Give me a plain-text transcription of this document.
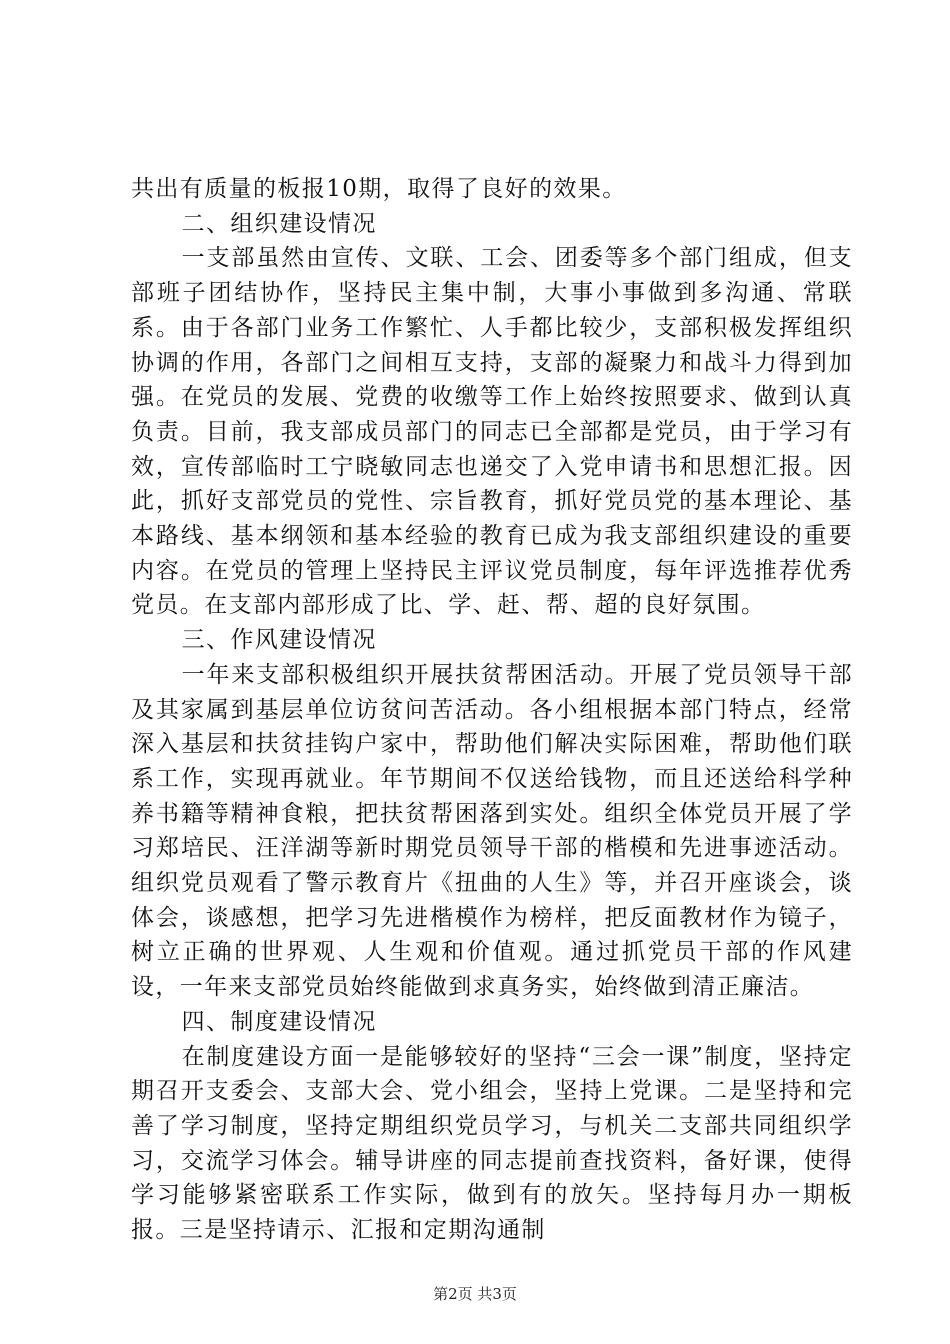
共出有质量的板报10期，取得了良好的效果。

二、组织建设情况

一支部虽然由宣传、文联、工会、团委等多个部门组成，但支部班子团结协作，坚持民主集中制，大事小事做到多沟通、常联系。由于各部门业务工作繁忙、人手都比较少，支部积极发挥组织协调的作用，各部门之间相互支持，支部的凝聚力和战斗力得到加强。在党员的发展、党费的收缴等工作上始终按照要求、做到认真负责。目前，我支部成员部门的同志已全部都是党员，由于学习有效，宣传部临时工宁晓敏同志也递交了入党申请书和思想汇报。因此，抓好支部党员的党性、宗旨教育，抓好党员党的基本理论、基本路线、基本纲领和基本经验的教育已成为我支部组织建设的重要内容。在党员的管理上坚持民主评议党员制度，每年评选推荐优秀党员。在支部内部形成了比、学、赶、帮、超的良好氛围。

三、作风建设情况

一年来支部积极组织开展扶贫帮困活动。开展了党员领导干部及其家属到基层单位访贫问苦活动。各小组根据本部门特点，经常深入基层和扶贫挂钩户家中，帮助他们解决实际困难，帮助他们联系工作，实现再就业。年节期间不仅送给钱物，而且还送给科学种养书籍等精神食粮，把扶贫帮困落到实处。组织全体党员开展了学习郑培民、汪洋湖等新时期党员领导干部的楷模和先进事迹活动。组织党员观看了警示教育片《扭曲的人生》等，并召开座谈会，谈体会，谈感想，把学习先进楷模作为榜样，把反面教材作为镜子，树立正确的世界观、人生观和价值观。通过抓党员干部的作风建设，一年来支部党员始终能做到求真务实，始终做到清正廉洁。

四、制度建设情况

在制度建设方面一是能够较好的坚持“三会一课”制度，坚持定期召开支委会、支部大会、党小组会，坚持上党课。二是坚持和完善了学习制度，坚持定期组织党员学习，与机关二支部共同组织学习，交流学习体会。辅导讲座的同志提前查找资料，备好课，使得学习能够紧密联系工作实际，做到有的放矢。坚持每月办一期板报。三是坚持请示、汇报和定期沟通制

第2页 共3页
